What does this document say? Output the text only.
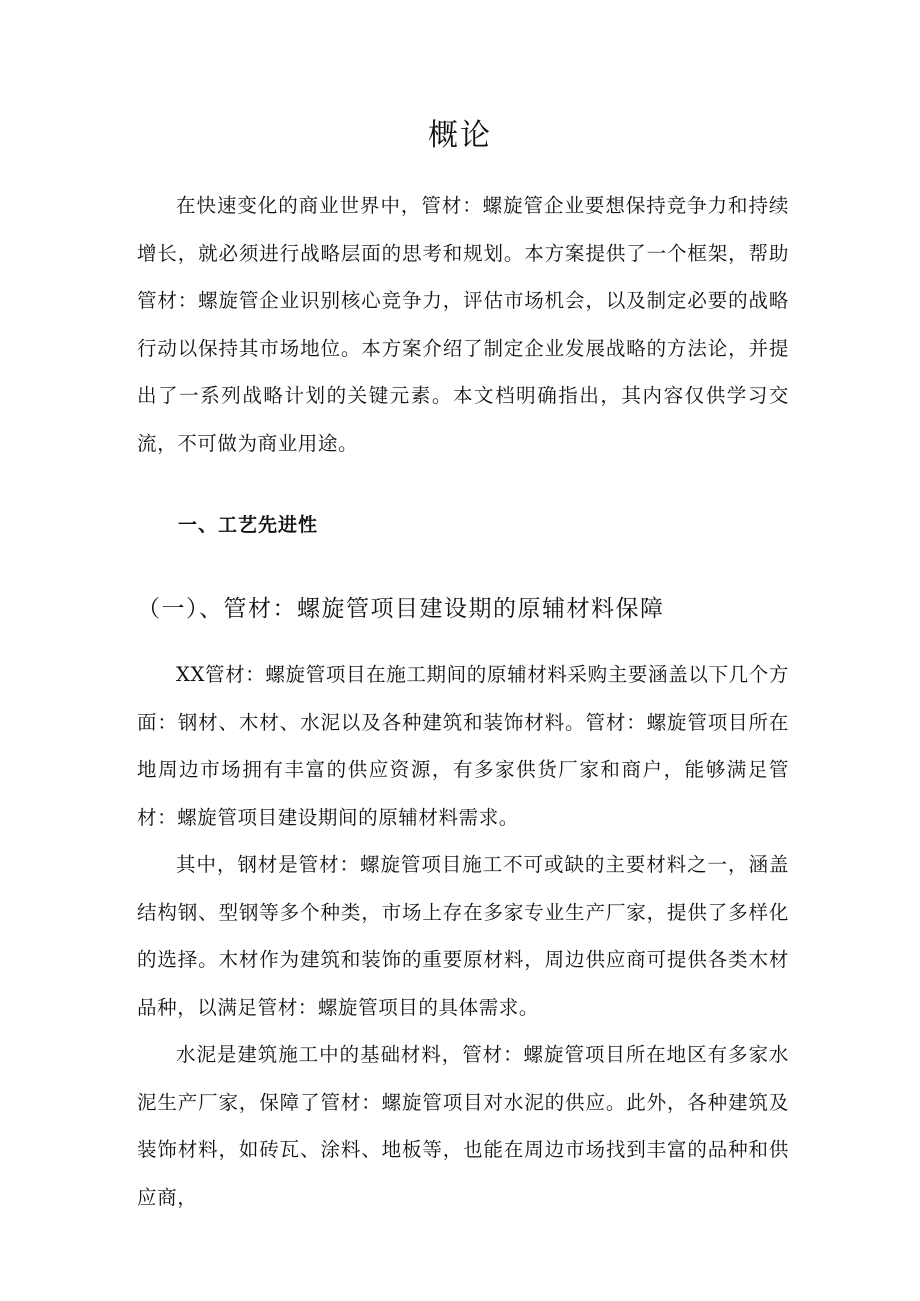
概论

在快速变化的商业世界中，管材：螺旋管企业要想保持竞争力和持续增长，就必须进行战略层面的思考和规划。本方案提供了一个框架，帮助管材：螺旋管企业识别核心竞争力，评估市场机会，以及制定必要的战略行动以保持其市场地位。本方案介绍了制定企业发展战略的方法论，并提出了一系列战略计划的关键元素。本文档明确指出，其内容仅供学习交流，不可做为商业用途。

一、工艺先进性
（一）、管材：螺旋管项目建设期的原辅材料保障

XX管材：螺旋管项目在施工期间的原辅材料采购主要涵盖以下几个方面：钢材、木材、水泥以及各种建筑和装饰材料。管材：螺旋管项目所在地周边市场拥有丰富的供应资源，有多家供货厂家和商户，能够满足管材：螺旋管项目建设期间的原辅材料需求。

其中，钢材是管材：螺旋管项目施工不可或缺的主要材料之一，涵盖结构钢、型钢等多个种类，市场上存在多家专业生产厂家，提供了多样化的选择。木材作为建筑和装饰的重要原材料，周边供应商可提供各类木材品种，以满足管材：螺旋管项目的具体需求。

水泥是建筑施工中的基础材料，管材：螺旋管项目所在地区有多家水泥生产厂家，保障了管材：螺旋管项目对水泥的供应。此外，各种建筑及装饰材料，如砖瓦、涂料、地板等，也能在周边市场找到丰富的品种和供应商，
